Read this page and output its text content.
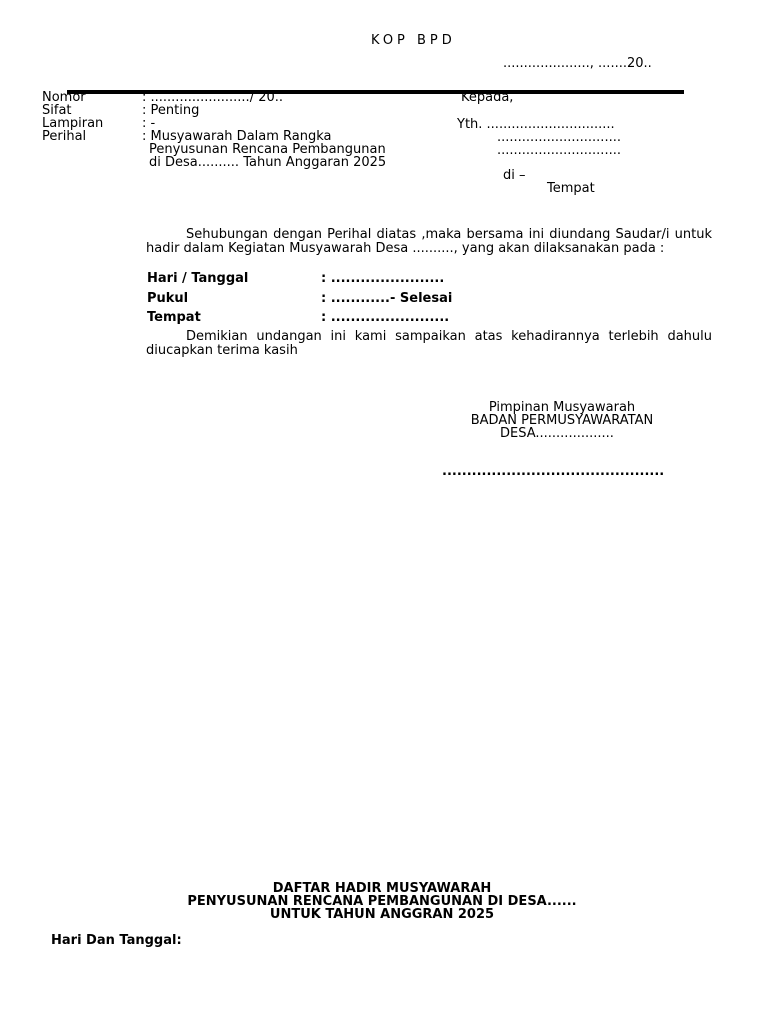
KOP BPD
....................., .......20..
Nomor	: ......................../ 20..
Sifat	: Penting
Lampiran	: -
Perihal	: Musyawarah Dalam Rangka
Penyusunan Rencana Pembangunan
di Desa.......... Tahun Anggaran 2025
Kepada,
Yth. ...............................
..............................
..............................
di –
Tempat
Sehubungan dengan Perihal diatas ,maka bersama ini diundang Saudar/i untuk hadir dalam Kegiatan Musyawarah Desa .........., yang akan dilaksanakan pada :
Hari / Tanggal	: .......................
Pukul	: ............- Selesai
Tempat	: ........................
Demikian undangan ini kami sampaikan atas kehadirannya terlebih dahulu diucapkan terima kasih
Pimpinan Musyawarah
BADAN PERMUSYAWARATAN
DESA...................
.............................................
DAFTAR HADIR MUSYAWARAH
PENYUSUNAN RENCANA PEMBANGUNAN DI DESA......
UNTUK TAHUN ANGGRAN 2025
Hari Dan Tanggal:
